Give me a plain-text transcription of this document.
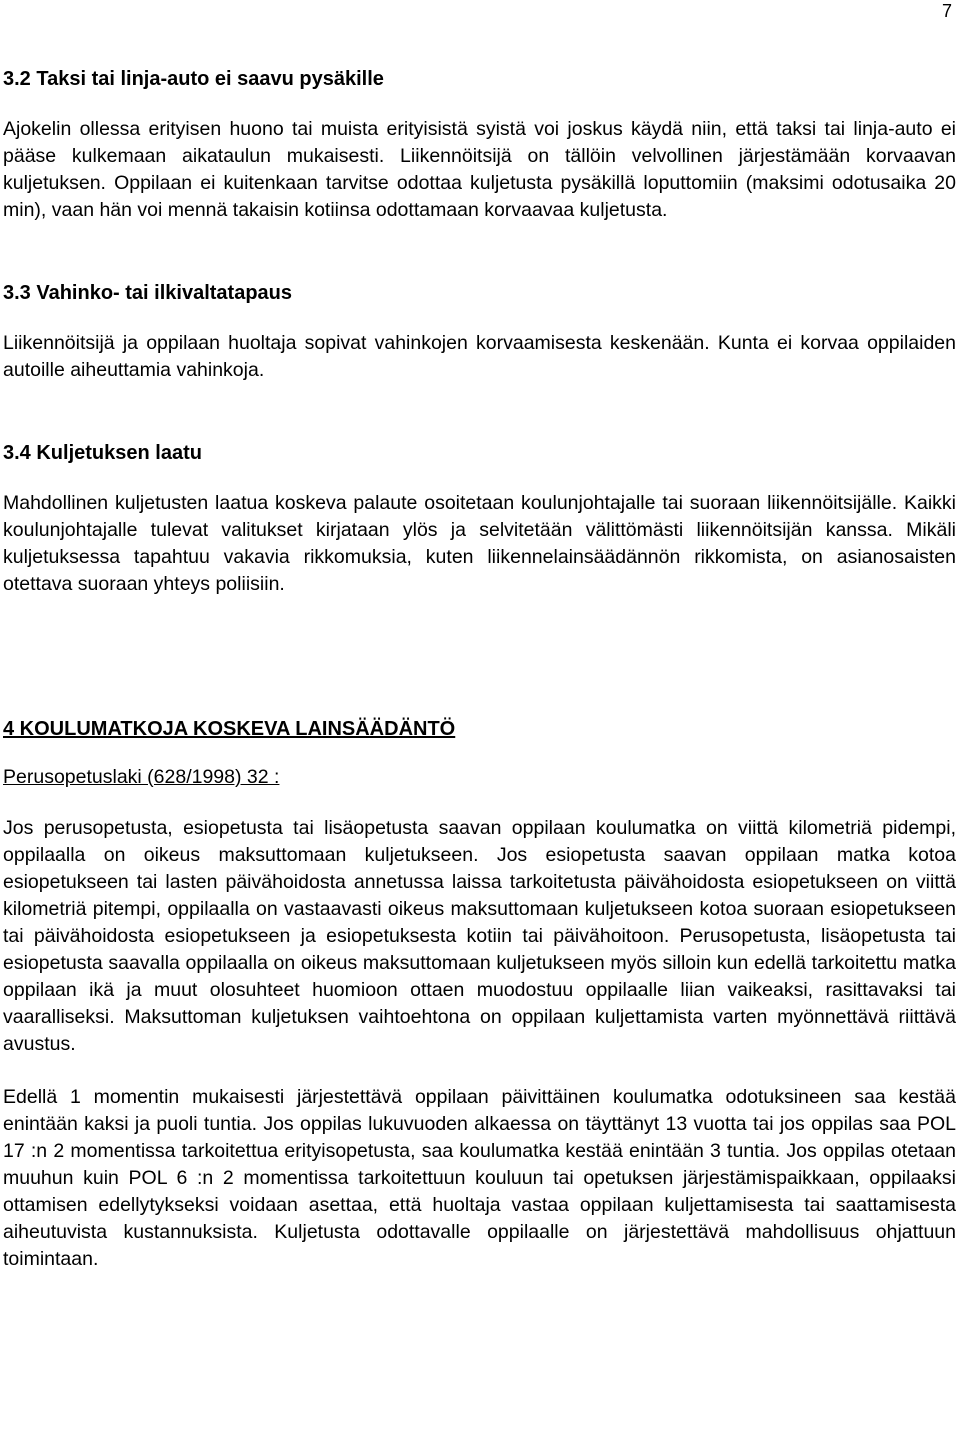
7
3.2 Taksi tai linja-auto ei saavu pysäkille

Ajokelin ollessa erityisen huono tai muista erityisistä syistä voi joskus käydä niin, että taksi tai linja-auto ei pääse kulkemaan aikataulun mukaisesti. Liikennöitsijä on tällöin velvollinen järjestämään korvaavan kuljetuksen. Oppilaan ei kuitenkaan tarvitse odottaa kuljetusta pysäkillä loputtomiin (maksimi odotusaika 20 min), vaan hän voi mennä takaisin kotiinsa odottamaan korvaavaa kuljetusta.

3.3 Vahinko- tai ilkivaltatapaus

Liikennöitsijä ja oppilaan huoltaja sopivat vahinkojen korvaamisesta keskenään. Kunta ei korvaa oppilaiden autoille aiheuttamia vahinkoja.

3.4 Kuljetuksen laatu

Mahdollinen kuljetusten laatua koskeva palaute osoitetaan koulunjohtajalle tai suoraan liikennöitsijälle. Kaikki koulunjohtajalle tulevat valitukset kirjataan ylös ja selvitetään välittömästi liikennöitsijän kanssa. Mikäli kuljetuksessa tapahtuu vakavia rikkomuksia, kuten liikennelainsäädännön rikkomista, on asianosaisten otettava suoraan yhteys poliisiin.

4 KOULUMATKOJA KOSKEVA LAINSÄÄDÄNTÖ
Perusopetuslaki (628/1998) 32 :

Jos perusopetusta, esiopetusta tai lisäopetusta saavan oppilaan koulumatka on viittä kilometriä pidempi, oppilaalla on oikeus maksuttomaan kuljetukseen. Jos esiopetusta saavan oppilaan matka kotoa esiopetukseen tai lasten päivähoidosta annetussa laissa tarkoitetusta päivähoidosta esiopetukseen on viittä kilometriä pitempi, oppilaalla on vastaavasti oikeus maksuttomaan kuljetukseen kotoa suoraan esiopetukseen tai päivähoidosta esiopetukseen ja esiopetuksesta kotiin tai päivähoitoon. Perusopetusta, lisäopetusta tai esiopetusta saavalla oppilaalla on oikeus maksuttomaan kuljetukseen myös silloin kun edellä tarkoitettu matka oppilaan ikä ja muut olosuhteet huomioon ottaen muodostuu oppilaalle liian vaikeaksi, rasittavaksi tai vaaralliseksi. Maksuttoman kuljetuksen vaihtoehtona on oppilaan kuljettamista varten myönnettävä riittävä avustus.

Edellä 1 momentin mukaisesti järjestettävä oppilaan päivittäinen koulumatka odotuksineen saa kestää enintään kaksi ja puoli tuntia. Jos oppilas lukuvuoden alkaessa on täyttänyt 13 vuotta tai jos oppilas saa POL 17 :n 2 momentissa tarkoitettua erityisopetusta, saa koulumatka kestää enintään 3 tuntia. Jos oppilas otetaan muuhun kuin POL 6 :n 2 momentissa tarkoitettuun kouluun tai opetuksen järjestämispaikkaan, oppilaaksi ottamisen edellytykseksi voidaan asettaa, että huoltaja vastaa oppilaan kuljettamisesta tai saattamisesta aiheutuvista kustannuksista. Kuljetusta odottavalle oppilaalle on järjestettävä mahdollisuus ohjattuun toimintaan.
